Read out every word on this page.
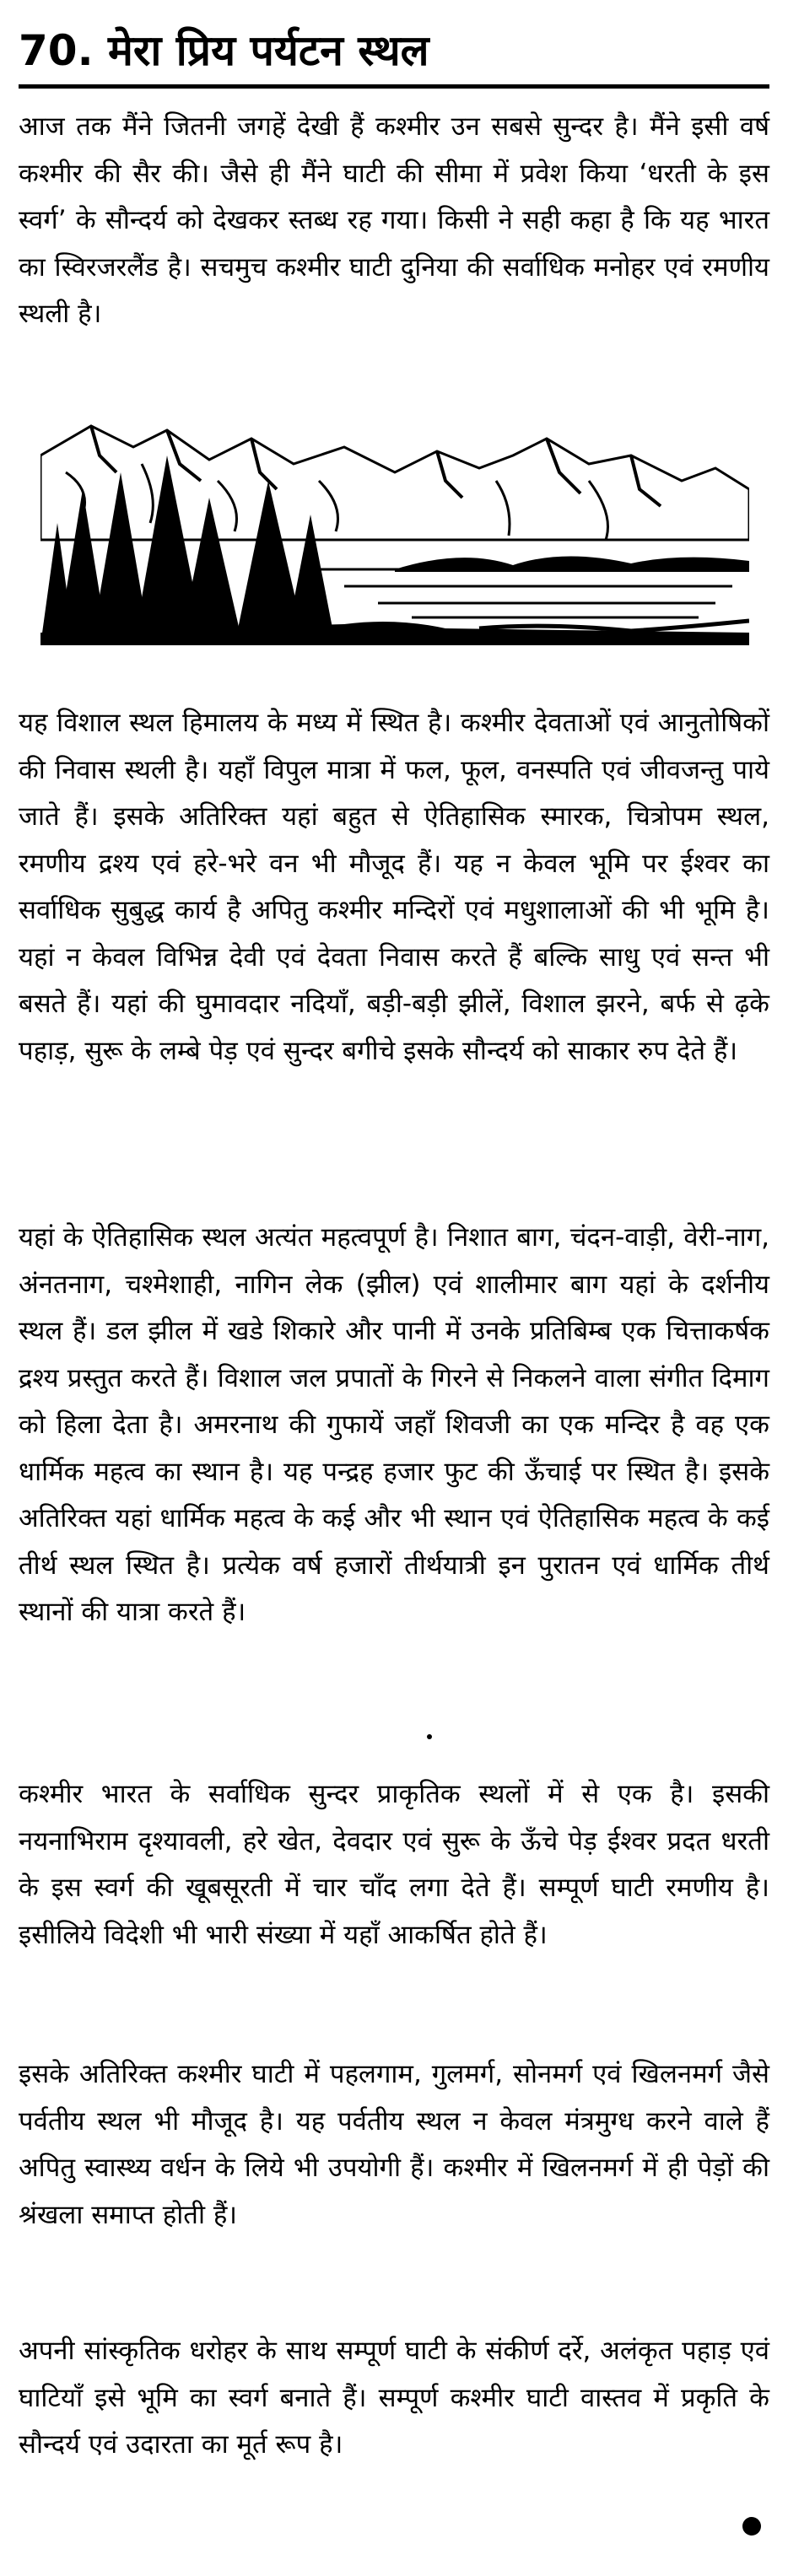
70. मेरा प्रिय पर्यटन स्थल

आज तक मैंने जितनी जगहें देखी हैं कश्मीर उन सबसे सुन्दर है। मैंने इसी वर्ष कश्मीर की सैर की। जैसे ही मैंने घाटी की सीमा में प्रवेश किया ‘धरती के इस स्वर्ग’ के सौन्दर्य को देखकर स्तब्ध रह गया। किसी ने सही कहा है कि यह भारत का स्विरजरलैंड है। सचमुच कश्मीर घाटी दुनिया की सर्वाधिक मनोहर एवं रमणीय स्थली है।

यह विशाल स्थल हिमालय के मध्य में स्थित है। कश्मीर देवताओं एवं आनुतोषिकों की निवास स्थली है। यहाँ विपुल मात्रा में फल, फूल, वनस्पति एवं जीवजन्तु पाये जाते हैं। इसके अतिरिक्त यहां बहुत से ऐतिहासिक स्मारक, चित्रोपम स्थल, रमणीय द्रश्य एवं हरे-भरे वन भी मौजूद हैं। यह न केवल भूमि पर ईश्वर का सर्वाधिक सुबुद्ध कार्य है अपितु कश्मीर मन्दिरों एवं मधुशालाओं की भी भूमि है। यहां न केवल विभिन्न देवी एवं देवता निवास करते हैं बल्कि साधु एवं सन्त भी बसते हैं। यहां की घुमावदार नदियाँ, बड़ी-बड़ी झीलें, विशाल झरने, बर्फ से ढ़के पहाड़, सुरू के लम्बे पेड़ एवं सुन्दर बगीचे इसके सौन्दर्य को साकार रुप देते हैं।

यहां के ऐतिहासिक स्थल अत्यंत महत्वपूर्ण है। निशात बाग, चंदन-वाड़ी, वेरी-नाग, अंनतनाग, चश्मेशाही, नागिन लेक (झील) एवं शालीमार बाग यहां के दर्शनीय स्थल हैं। डल झील में खडे शिकारे और पानी में उनके प्रतिबिम्ब एक चित्ताकर्षक द्रश्य प्रस्तुत करते हैं। विशाल जल प्रपातों के गिरने से निकलने वाला संगीत दिमाग को हिला देता है। अमरनाथ की गुफायें जहाँ शिवजी का एक मन्दिर है वह एक धार्मिक महत्व का स्थान है। यह पन्द्रह हजार फुट की ऊँचाई पर स्थित है। इसके अतिरिक्त यहां धार्मिक महत्व के कई और भी स्थान एवं ऐतिहासिक महत्व के कई तीर्थ स्थल स्थित है। प्रत्येक वर्ष हजारों तीर्थयात्री इन पुरातन एवं धार्मिक तीर्थ स्थानों की यात्रा करते हैं।

कश्मीर भारत के सर्वाधिक सुन्दर प्राकृतिक स्थलों में से एक है। इसकी नयनाभिराम दृश्यावली, हरे खेत, देवदार एवं सुरू के ऊँचे पेड़ ईश्वर प्रदत धरती के इस स्वर्ग की खूबसूरती में चार चाँद लगा देते हैं। सम्पूर्ण घाटी रमणीय है। इसीलिये विदेशी भी भारी संख्या में यहाँ आकर्षित होते हैं।

इसके अतिरिक्त कश्मीर घाटी में पहलगाम, गुलमर्ग, सोनमर्ग एवं खिलनमर्ग जैसे पर्वतीय स्थल भी मौजूद है। यह पर्वतीय स्थल न केवल मंत्रमुग्ध करने वाले हैं अपितु स्वास्थ्य वर्धन के लिये भी उपयोगी हैं। कश्मीर में खिलनमर्ग में ही पेड़ों की श्रंखला समाप्त होती हैं।

अपनी सांस्कृतिक धरोहर के साथ सम्पूर्ण घाटी के संकीर्ण दर्रे, अलंकृत पहाड़ एवं घाटियाँ इसे भूमि का स्वर्ग बनाते हैं। सम्पूर्ण कश्मीर घाटी वास्तव में प्रकृति के सौन्दर्य एवं उदारता का मूर्त रूप है।
